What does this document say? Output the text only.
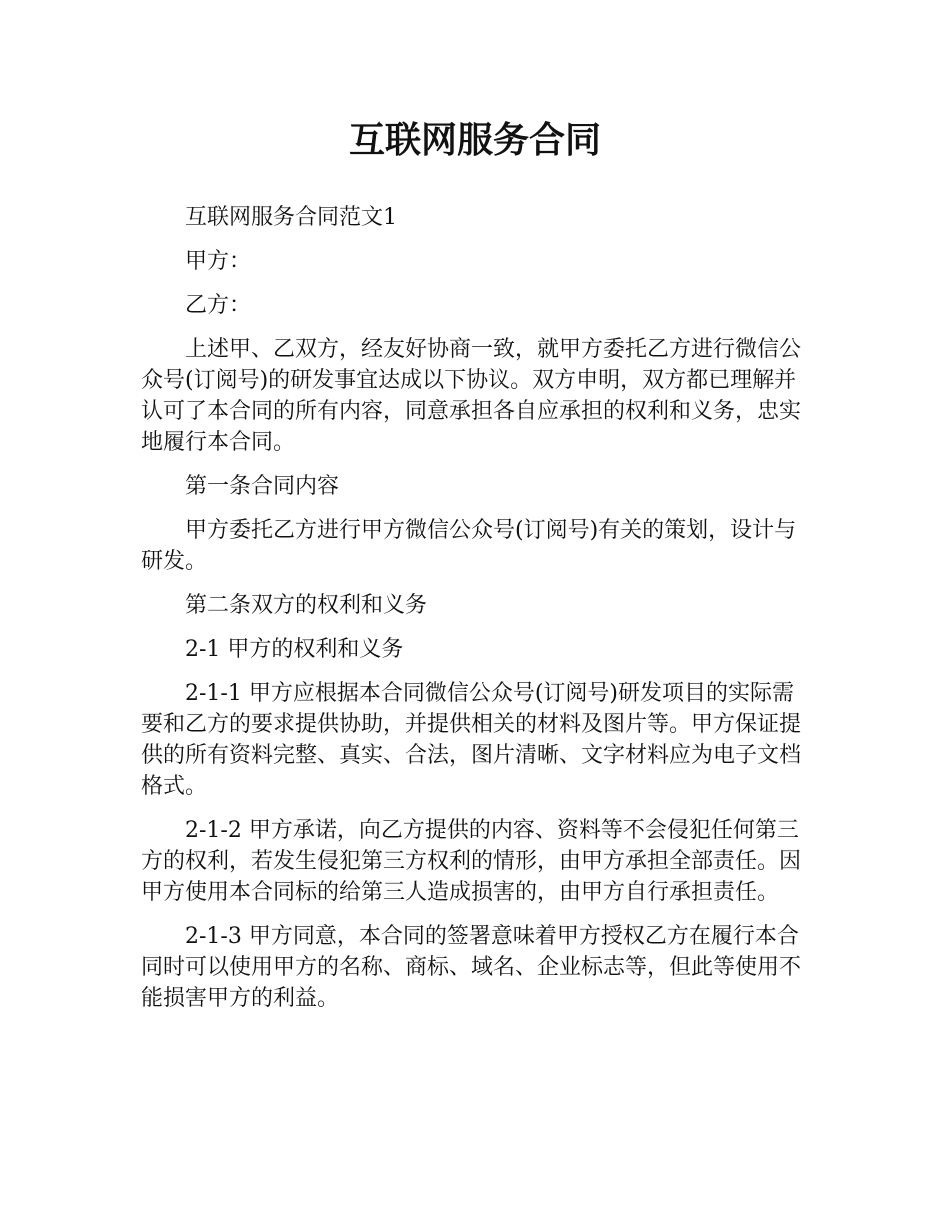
互联网服务合同

互联网服务合同范文1

甲方：

乙方：

上述甲、乙双方，经友好协商一致，就甲方委托乙方进行微信公众号(订阅号)的研发事宜达成以下协议。双方申明，双方都已理解并认可了本合同的所有内容，同意承担各自应承担的权利和义务，忠实地履行本合同。

第一条合同内容

甲方委托乙方进行甲方微信公众号(订阅号)有关的策划，设计与研发。

第二条双方的权利和义务

2-1 甲方的权利和义务

2-1-1 甲方应根据本合同微信公众号(订阅号)研发项目的实际需要和乙方的要求提供协助，并提供相关的材料及图片等。甲方保证提供的所有资料完整、真实、合法，图片清晰、文字材料应为电子文档格式。

2-1-2 甲方承诺，向乙方提供的内容、资料等不会侵犯任何第三方的权利，若发生侵犯第三方权利的情形，由甲方承担全部责任。因甲方使用本合同标的给第三人造成损害的，由甲方自行承担责任。

2-1-3 甲方同意，本合同的签署意味着甲方授权乙方在履行本合同时可以使用甲方的名称、商标、域名、企业标志等，但此等使用不能损害甲方的利益。
